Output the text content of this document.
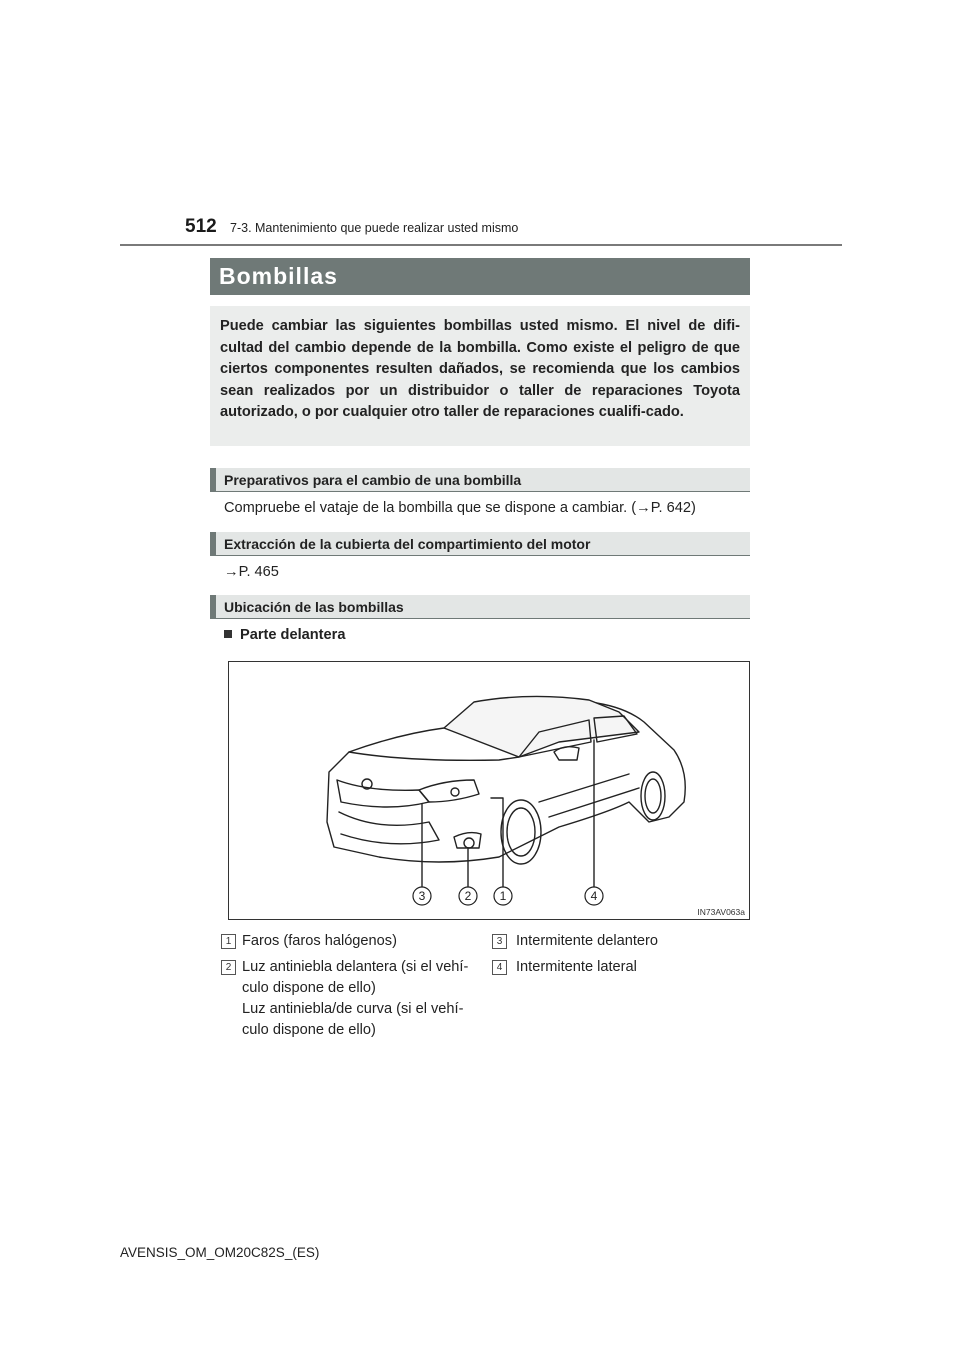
512 7-3. Mantenimiento que puede realizar usted mismo
Bombillas
Puede cambiar las siguientes bombillas usted mismo. El nivel de difi-cultad del cambio depende de la bombilla. Como existe el peligro de que ciertos componentes resulten dañados, se recomienda que los cambios sean realizados por un distribuidor o taller de reparaciones Toyota autorizado, o por cualquier otro taller de reparaciones cualifi-cado.
Preparativos para el cambio de una bombilla
Compruebe el vataje de la bombilla que se dispone a cambiar. (→P. 642)
Extracción de la cubierta del compartimiento del motor
→P. 465
Ubicación de las bombillas
Parte delantera
3	2 1	4
IN73AV063a
1 Faros (faros halógenos)
2 Luz antiniebla delantera (si el vehí-
culo dispone de ello)
Luz antiniebla/de curva (si el vehí-
culo dispone de ello)
3 Intermitente delantero
4 Intermitente lateral
AVENSIS_OM_OM20C82S_(ES)
